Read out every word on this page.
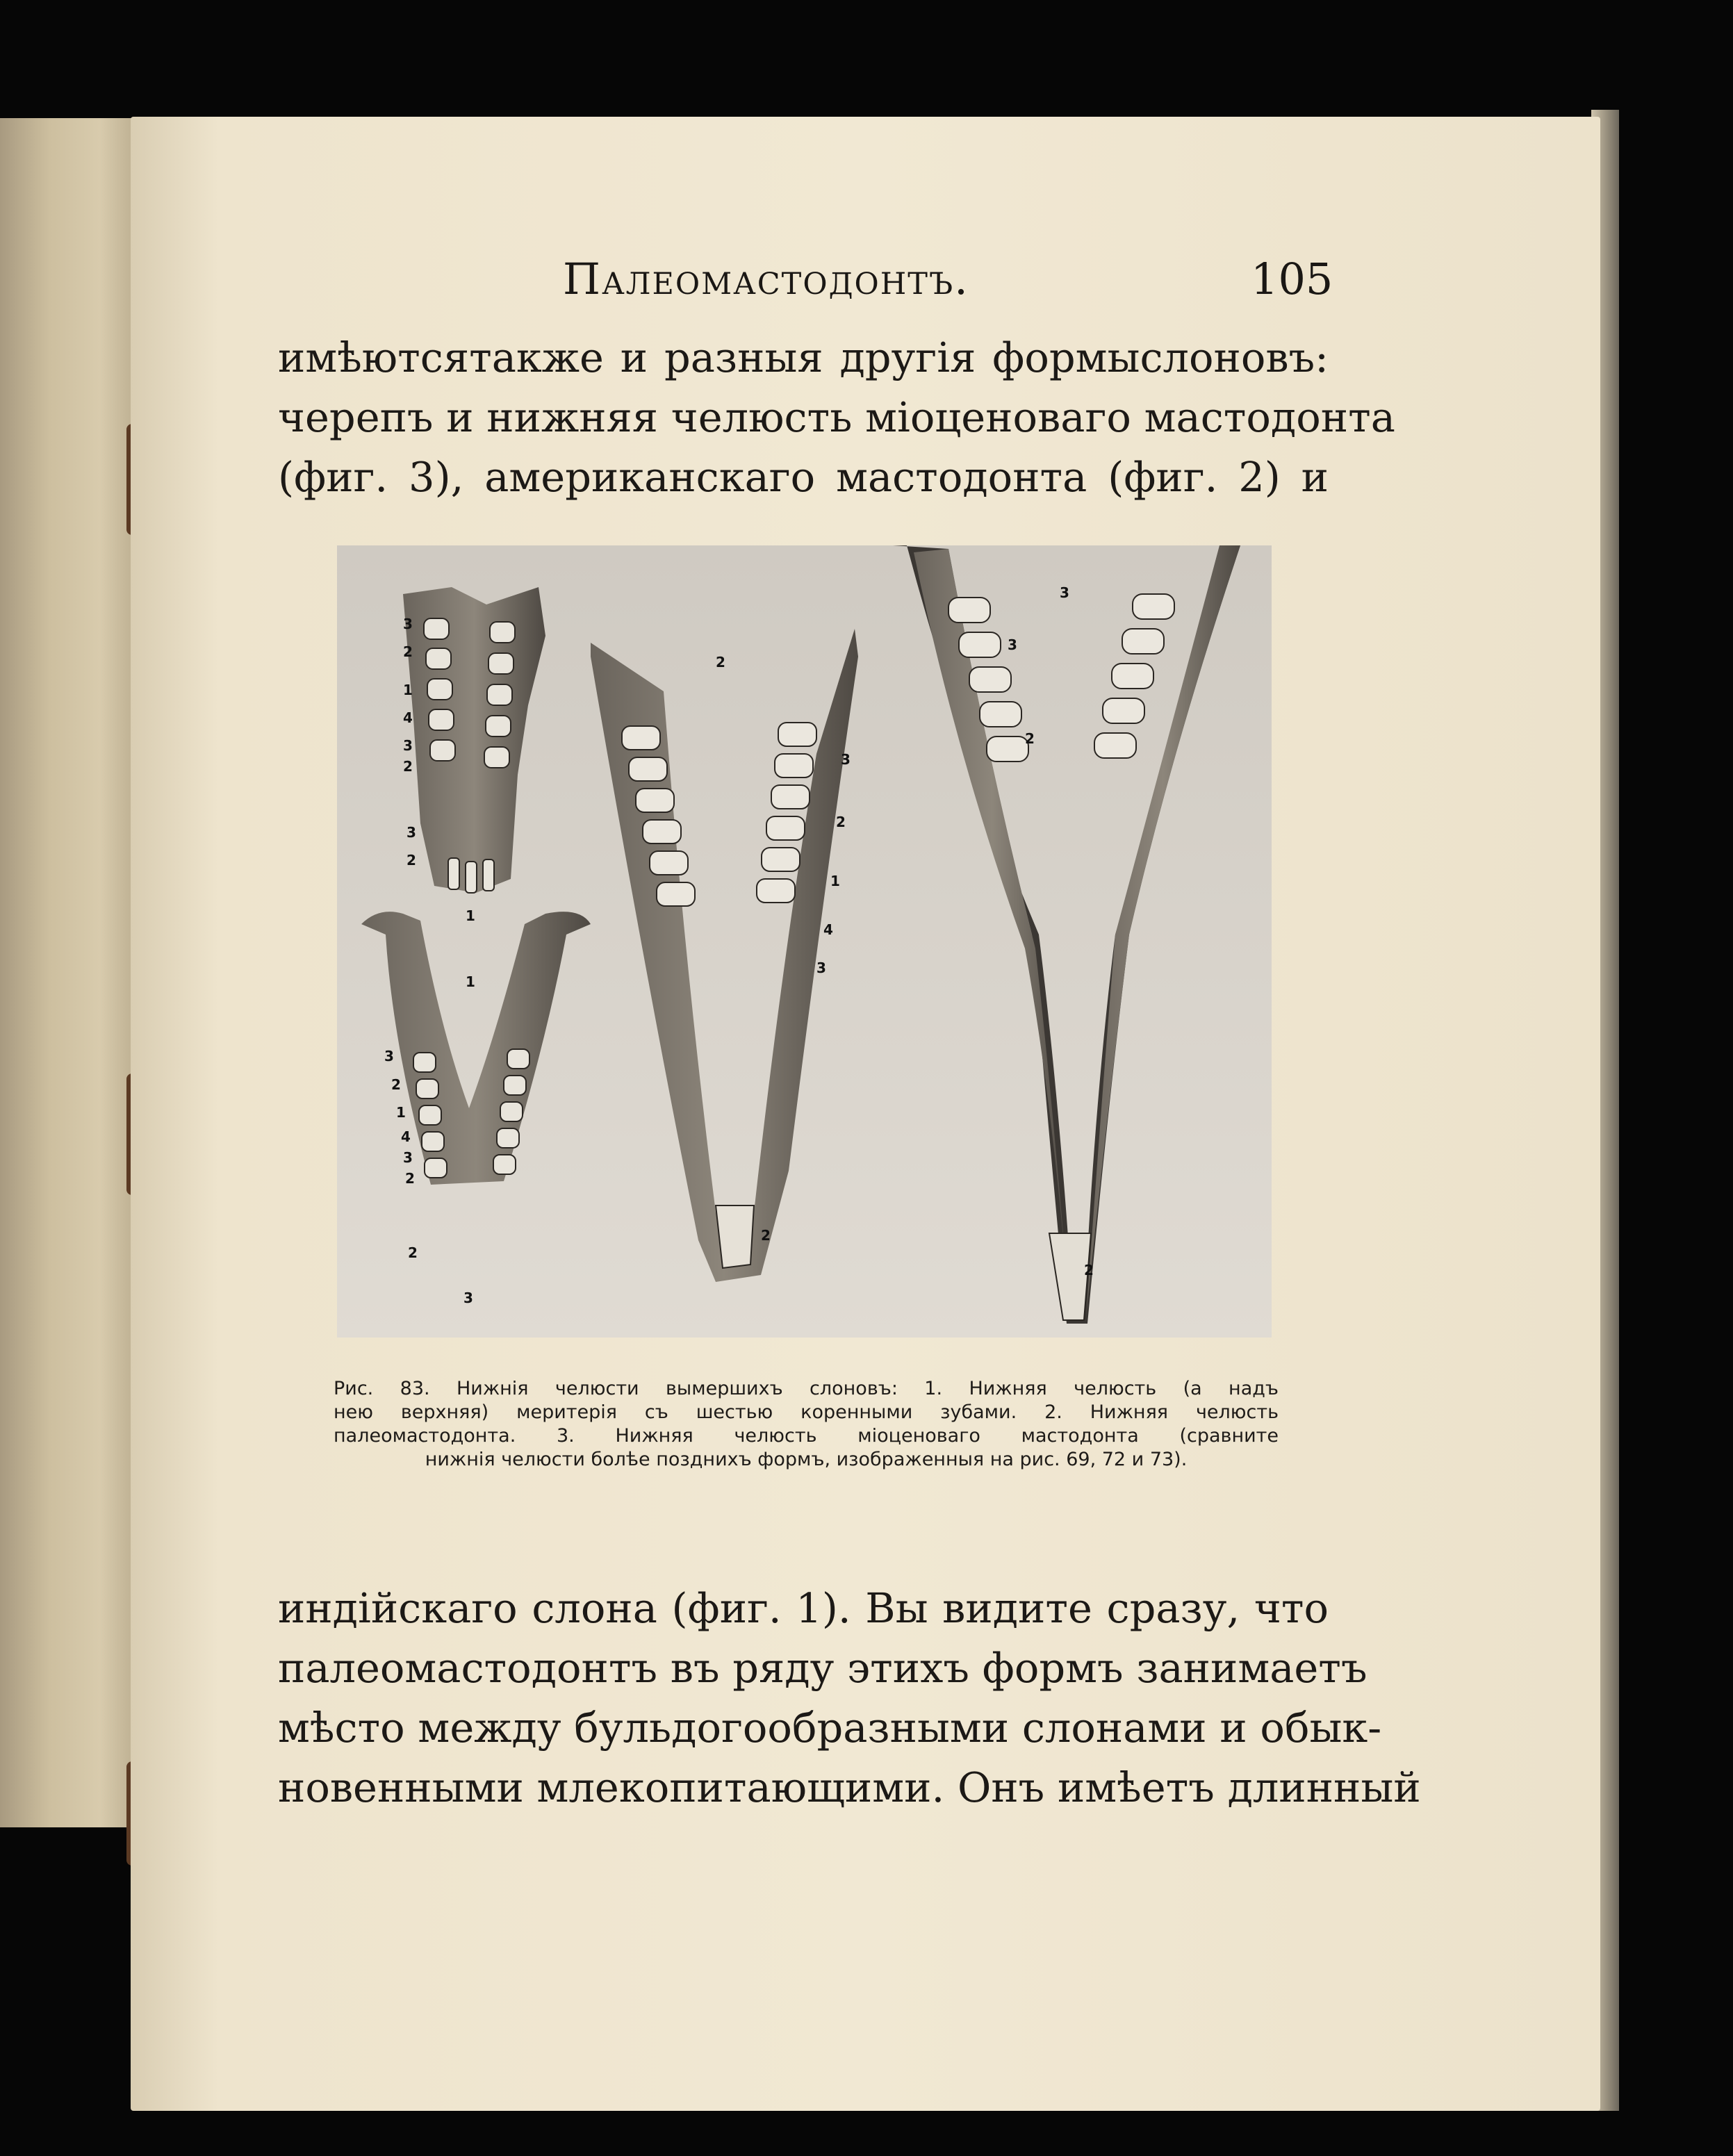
Палеомастодонтъ.	105
имѣютсятакже и разныя другія формыслоновъ:
черепъ и нижняя челюсть міоценоваго мастодонта
(фиг. 3), американскаго мастодонта (фиг. 2) и
3
2
1
4
3
2
3
2
1
1
3
2
1
4
3
2
2
3
2
3
2
1
4
3
2
3
3
2
2
Рис. 83. Нижнія челюсти вымершихъ слоновъ: 1. Нижняя челюсть (а надъ
нею верхняя) меритерія съ шестью коренными зубами. 2. Нижняя челюсть
палеомастодонта. 3. Нижняя челюсть міоценоваго мастодонта (сравните
нижнія челюсти болѣе позднихъ формъ, изображенныя на рис. 69, 72 и 73).
индійскаго слона (фиг. 1). Вы видите сразу, что
палеомастодонтъ въ ряду этихъ формъ занимаетъ
мѣсто между бульдогообразными слонами и обык-
новенными млекопитающими. Онъ имѣетъ длинный
